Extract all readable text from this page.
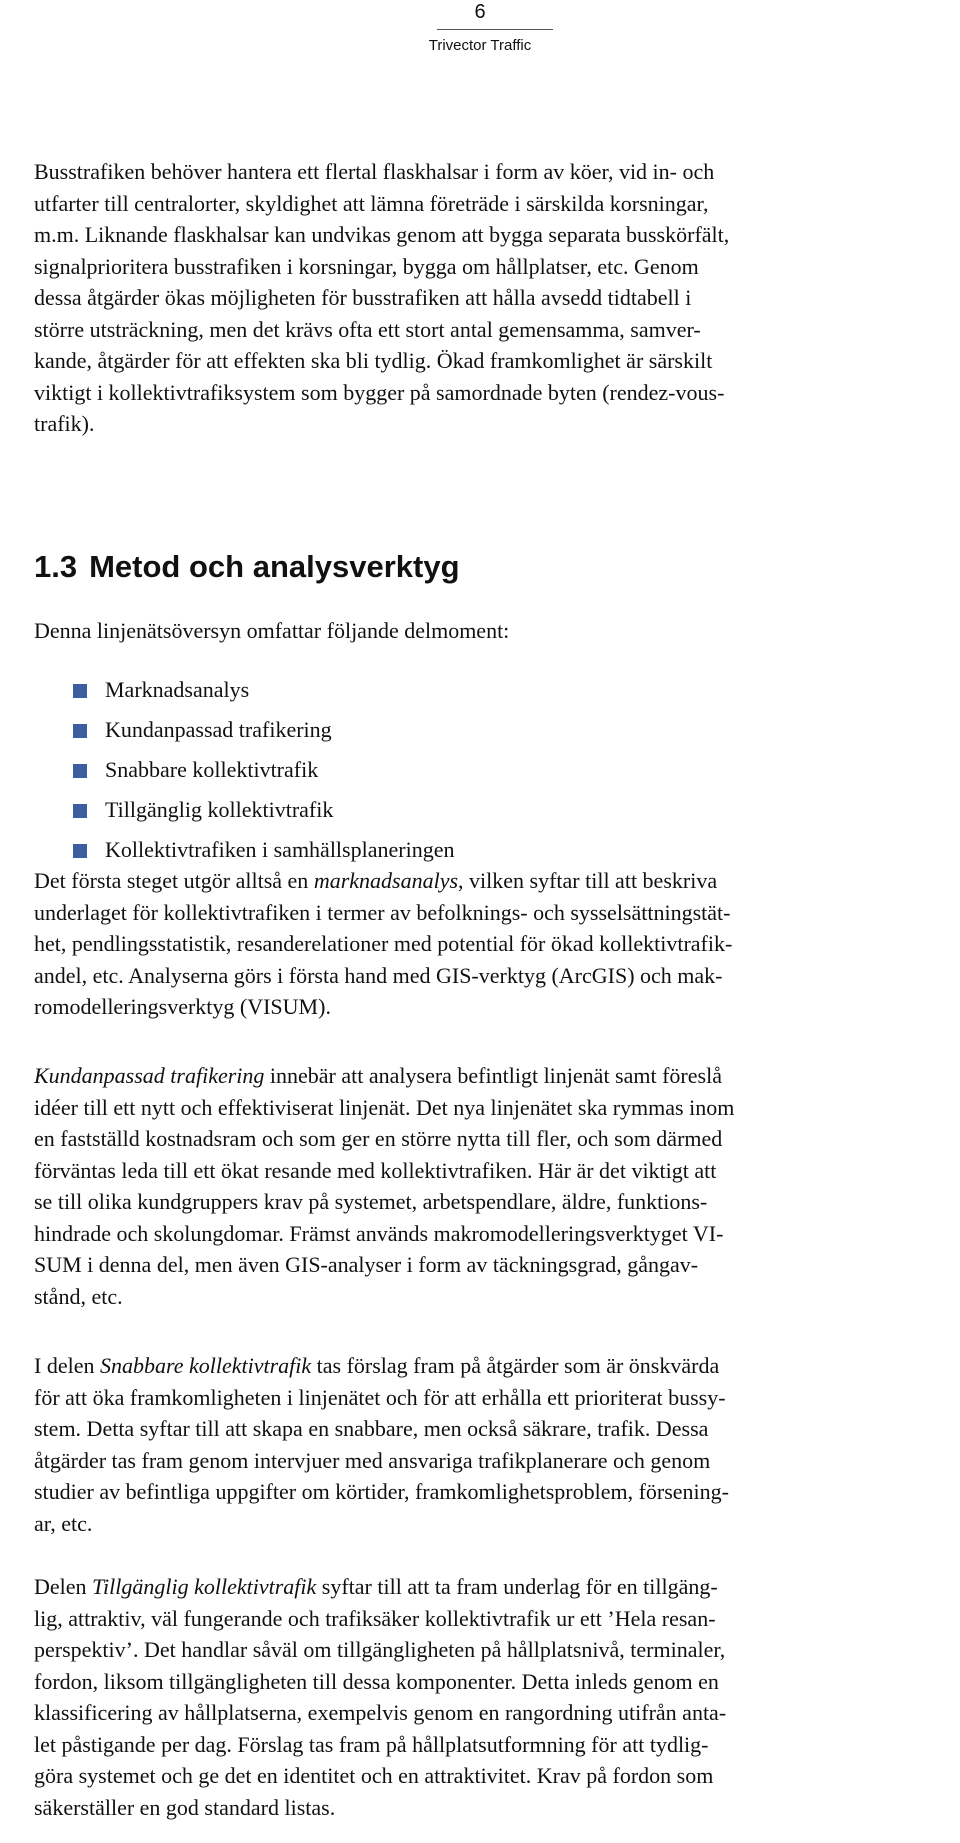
6
Trivector Traffic
Busstrafiken behöver hantera ett flertal flaskhalsar i form av köer, vid in- och
utfarter till centralorter, skyldighet att lämna företräde i särskilda korsningar,
m.m. Liknande flaskhalsar kan undvikas genom att bygga separata busskörfält,
signalprioritera busstrafiken i korsningar, bygga om hållplatser, etc. Genom
dessa åtgärder ökas möjligheten för busstrafiken att hålla avsedd tidtabell i
större utsträckning, men det krävs ofta ett stort antal gemensamma, samver-
kande, åtgärder för att effekten ska bli tydlig. Ökad framkomlighet är särskilt
viktigt i kollektivtrafiksystem som bygger på samordnade byten (rendez-vous-
trafik).
1.3 Metod och analysverktyg
Denna linjenätsöversyn omfattar följande delmoment:
Marknadsanalys
Kundanpassad trafikering
Snabbare kollektivtrafik
Tillgänglig kollektivtrafik
Kollektivtrafiken i samhällsplaneringen
Det första steget utgör alltså en marknadsanalys, vilken syftar till att beskriva
underlaget för kollektivtrafiken i termer av befolknings- och sysselsättningstät-
het, pendlingsstatistik, resanderelationer med potential för ökad kollektivtrafik-
andel, etc. Analyserna görs i första hand med GIS-verktyg (ArcGIS) och mak-
romodelleringsverktyg (VISUM).
Kundanpassad trafikering innebär att analysera befintligt linjenät samt föreslå
idéer till ett nytt och effektiviserat linjenät. Det nya linjenätet ska rymmas inom
en fastställd kostnadsram och som ger en större nytta till fler, och som därmed
förväntas leda till ett ökat resande med kollektivtrafiken. Här är det viktigt att
se till olika kundgruppers krav på systemet, arbetspendlare, äldre, funktions-
hindrade och skolungdomar. Främst används makromodelleringsverktyget VI-
SUM i denna del, men även GIS-analyser i form av täckningsgrad, gångav-
stånd, etc.
I delen Snabbare kollektivtrafik tas förslag fram på åtgärder som är önskvärda
för att öka framkomligheten i linjenätet och för att erhålla ett prioriterat bussy-
stem. Detta syftar till att skapa en snabbare, men också säkrare, trafik. Dessa
åtgärder tas fram genom intervjuer med ansvariga trafikplanerare och genom
studier av befintliga uppgifter om körtider, framkomlighetsproblem, försening-
ar, etc.
Delen Tillgänglig kollektivtrafik syftar till att ta fram underlag för en tillgäng-
lig, attraktiv, väl fungerande och trafiksäker kollektivtrafik ur ett ’Hela resan-
perspektiv’. Det handlar såväl om tillgängligheten på hållplatsnivå, terminaler,
fordon, liksom tillgängligheten till dessa komponenter. Detta inleds genom en
klassificering av hållplatserna, exempelvis genom en rangordning utifrån anta-
let påstigande per dag. Förslag tas fram på hållplatsutformning för att tydlig-
göra systemet och ge det en identitet och en attraktivitet. Krav på fordon som
säkerställer en god standard listas.
